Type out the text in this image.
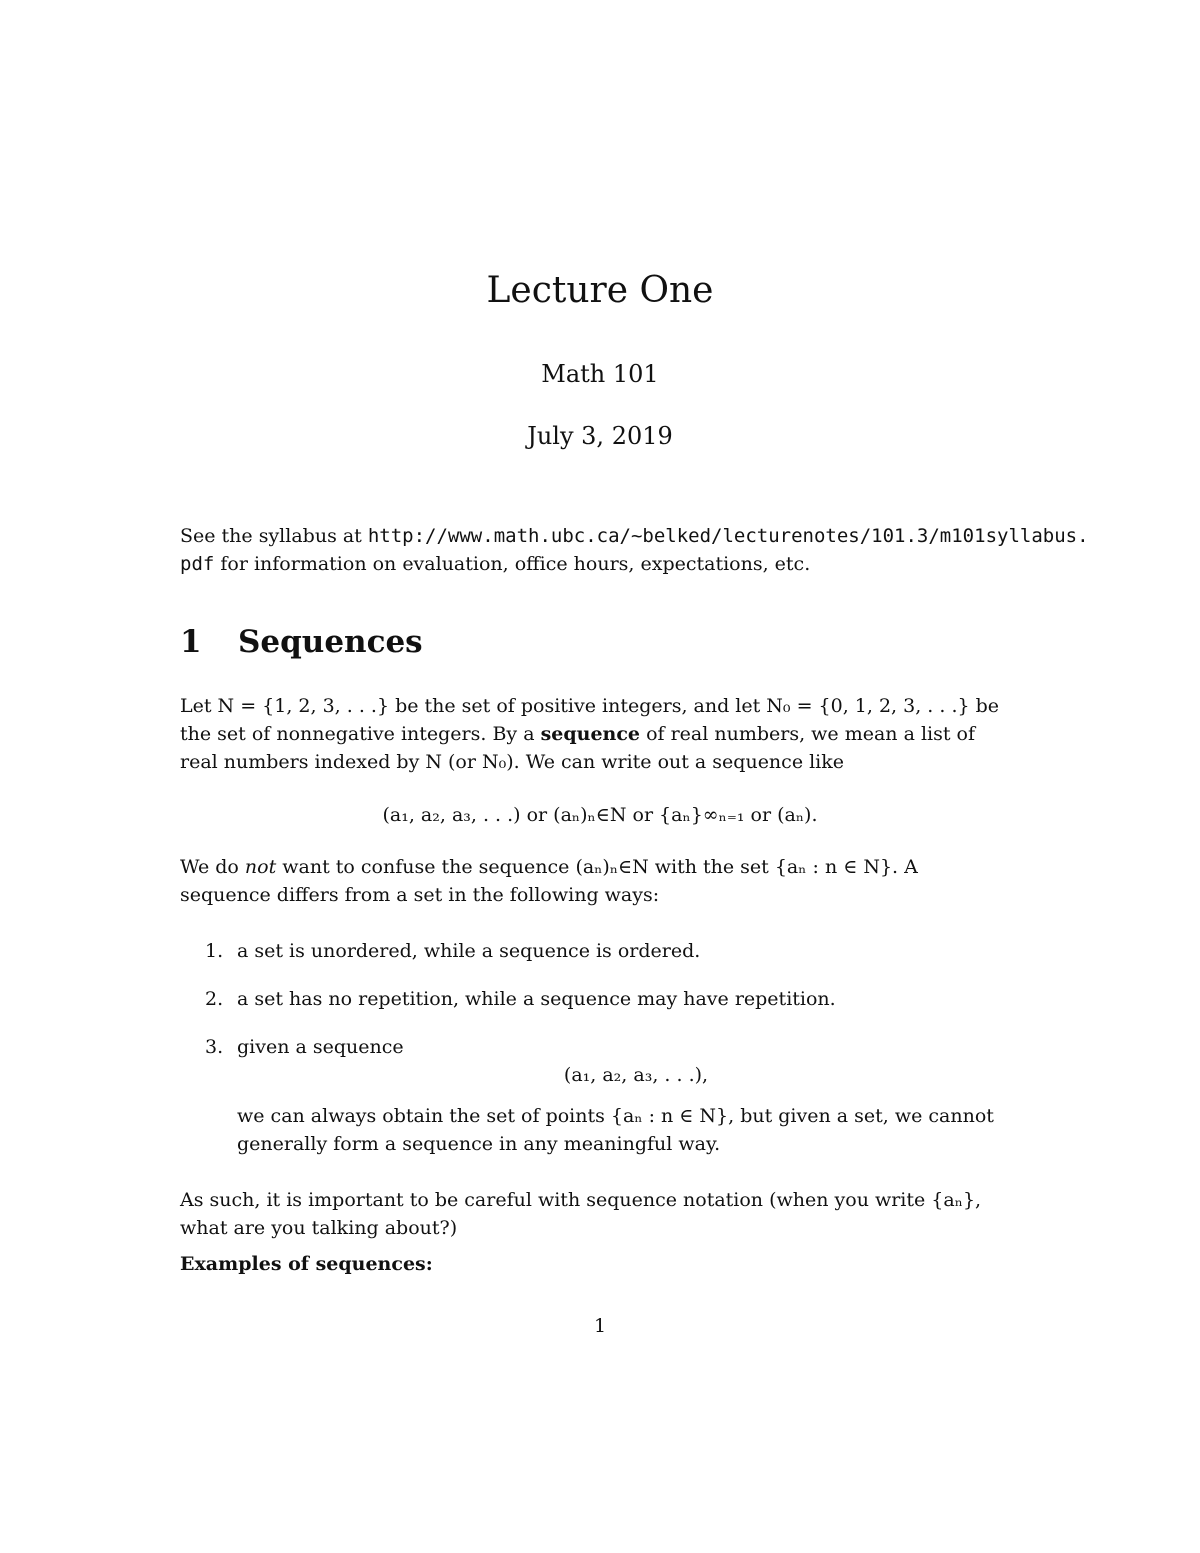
Lecture One
Math 101
July 3, 2019
See the syllabus at http://www.math.ubc.ca/~belked/lecturenotes/101.3/m101syllabus.
pdf for information on evaluation, office hours, expectations, etc.
1 Sequences
Let N = {1, 2, 3, . . .} be the set of positive integers, and let N₀ = {0, 1, 2, 3, . . .} be
the set of nonnegative integers. By a sequence of real numbers, we mean a list of
real numbers indexed by N (or N₀). We can write out a sequence like
(a₁, a₂, a₃, . . .) or (aₙ)ₙ∈N or {aₙ}∞ₙ₌₁ or (aₙ).
We do not want to confuse the sequence (aₙ)ₙ∈N with the set {aₙ : n ∈ N}. A
sequence differs from a set in the following ways:
1. a set is unordered, while a sequence is ordered.
2. a set has no repetition, while a sequence may have repetition.
3. given a sequence
(a₁, a₂, a₃, . . .),
we can always obtain the set of points {aₙ : n ∈ N}, but given a set, we cannot
generally form a sequence in any meaningful way.
As such, it is important to be careful with sequence notation (when you write {aₙ},
what are you talking about?)
Examples of sequences:
1
